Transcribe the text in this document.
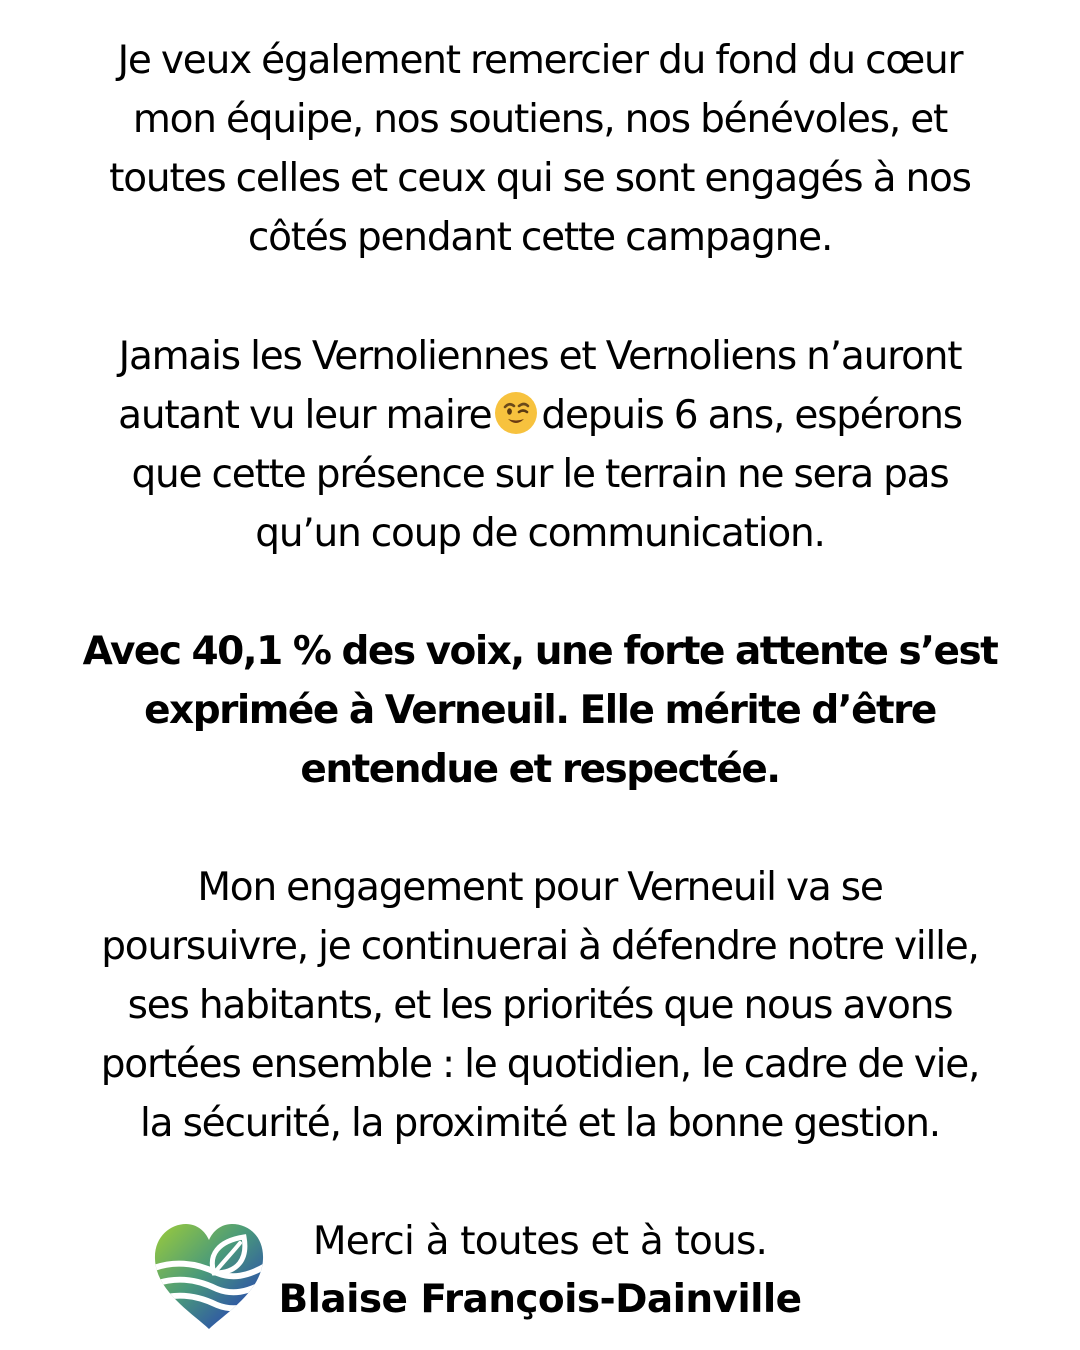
Je veux également remercier du fond du cœur
mon équipe, nos soutiens, nos bénévoles, et
toutes celles et ceux qui se sont engagés à nos
côtés pendant cette campagne.
Jamais les Vernoliennes et Vernoliens n’auront
autant vu leur maire depuis 6 ans, espérons
que cette présence sur le terrain ne sera pas
qu’un coup de communication.
Avec 40,1 % des voix, une forte attente s’est
exprimée à Verneuil. Elle mérite d’être
entendue et respectée.
Mon engagement pour Verneuil va se
poursuivre, je continuerai à défendre notre ville,
ses habitants, et les priorités que nous avons
portées ensemble : le quotidien, le cadre de vie,
la sécurité, la proximité et la bonne gestion.
Merci à toutes et à tous.
Blaise François-Dainville
